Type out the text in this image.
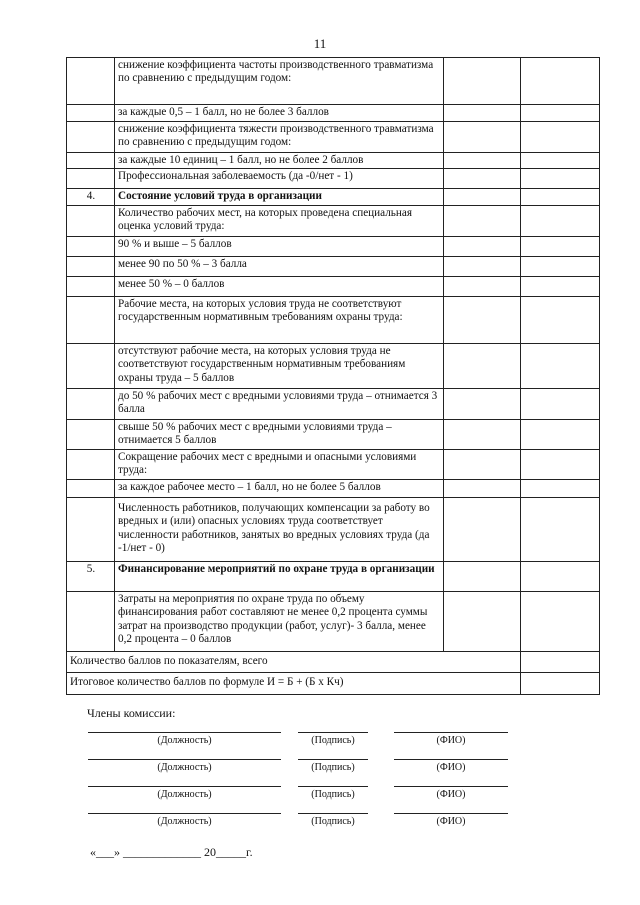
11
	снижение коэффициента частоты производственного травматизма по сравнению с предыдущим годом:		
	за каждые 0,5 – 1 балл, но не более 3 баллов		
	снижение коэффициента тяжести производственного травматизма по сравнению с предыдущим годом:		
	за каждые 10 единиц – 1 балл, но не более 2 баллов		
	Профессиональная заболеваемость (да -0/нет - 1)		
4.	Состояние условий труда в организации		
	Количество рабочих мест, на которых проведена специальная оценка условий труда:		
	90 % и выше – 5 баллов		
	менее 90 по 50 % – 3 балла		
	менее 50 % – 0 баллов		
	Рабочие места, на которых условия труда не соответствуют государственным нормативным требованиям охраны труда:		
	отсутствуют рабочие места, на которых условия труда не соответствуют государственным нормативным требованиям охраны труда – 5 баллов		
	до 50 % рабочих мест с вредными условиями труда – отнимается 3 балла		
	свыше 50 % рабочих мест с вредными условиями труда – отнимается 5 баллов		
	Сокращение рабочих мест с вредными и опасными условиями труда:		
	за каждое рабочее место – 1 балл, но не более 5 баллов		
	Численность работников, получающих компенсации за работу во вредных и (или) опасных условиях труда соответствует численности работников, занятых во вредных условиях труда (да -1/нет - 0)		
5.	Финансирование мероприятий по охране труда в организации		
	Затраты на мероприятия по охране труда по объему финансирования работ составляют не менее 0,2 процента суммы затрат на производство продукции (работ, услуг)- 3 балла, менее 0,2 процента – 0 баллов		
Количество баллов по показателям, всего			
Итоговое количество баллов по формуле И = Б + (Б х Кч)			
Члены комиссии:
(Должность)	(Подпись)	(ФИО)
(Должность)	(Подпись)	(ФИО)
(Должность)	(Подпись)	(ФИО)
(Должность)	(Подпись)	(ФИО)
«___» _____________ 20_____г.
